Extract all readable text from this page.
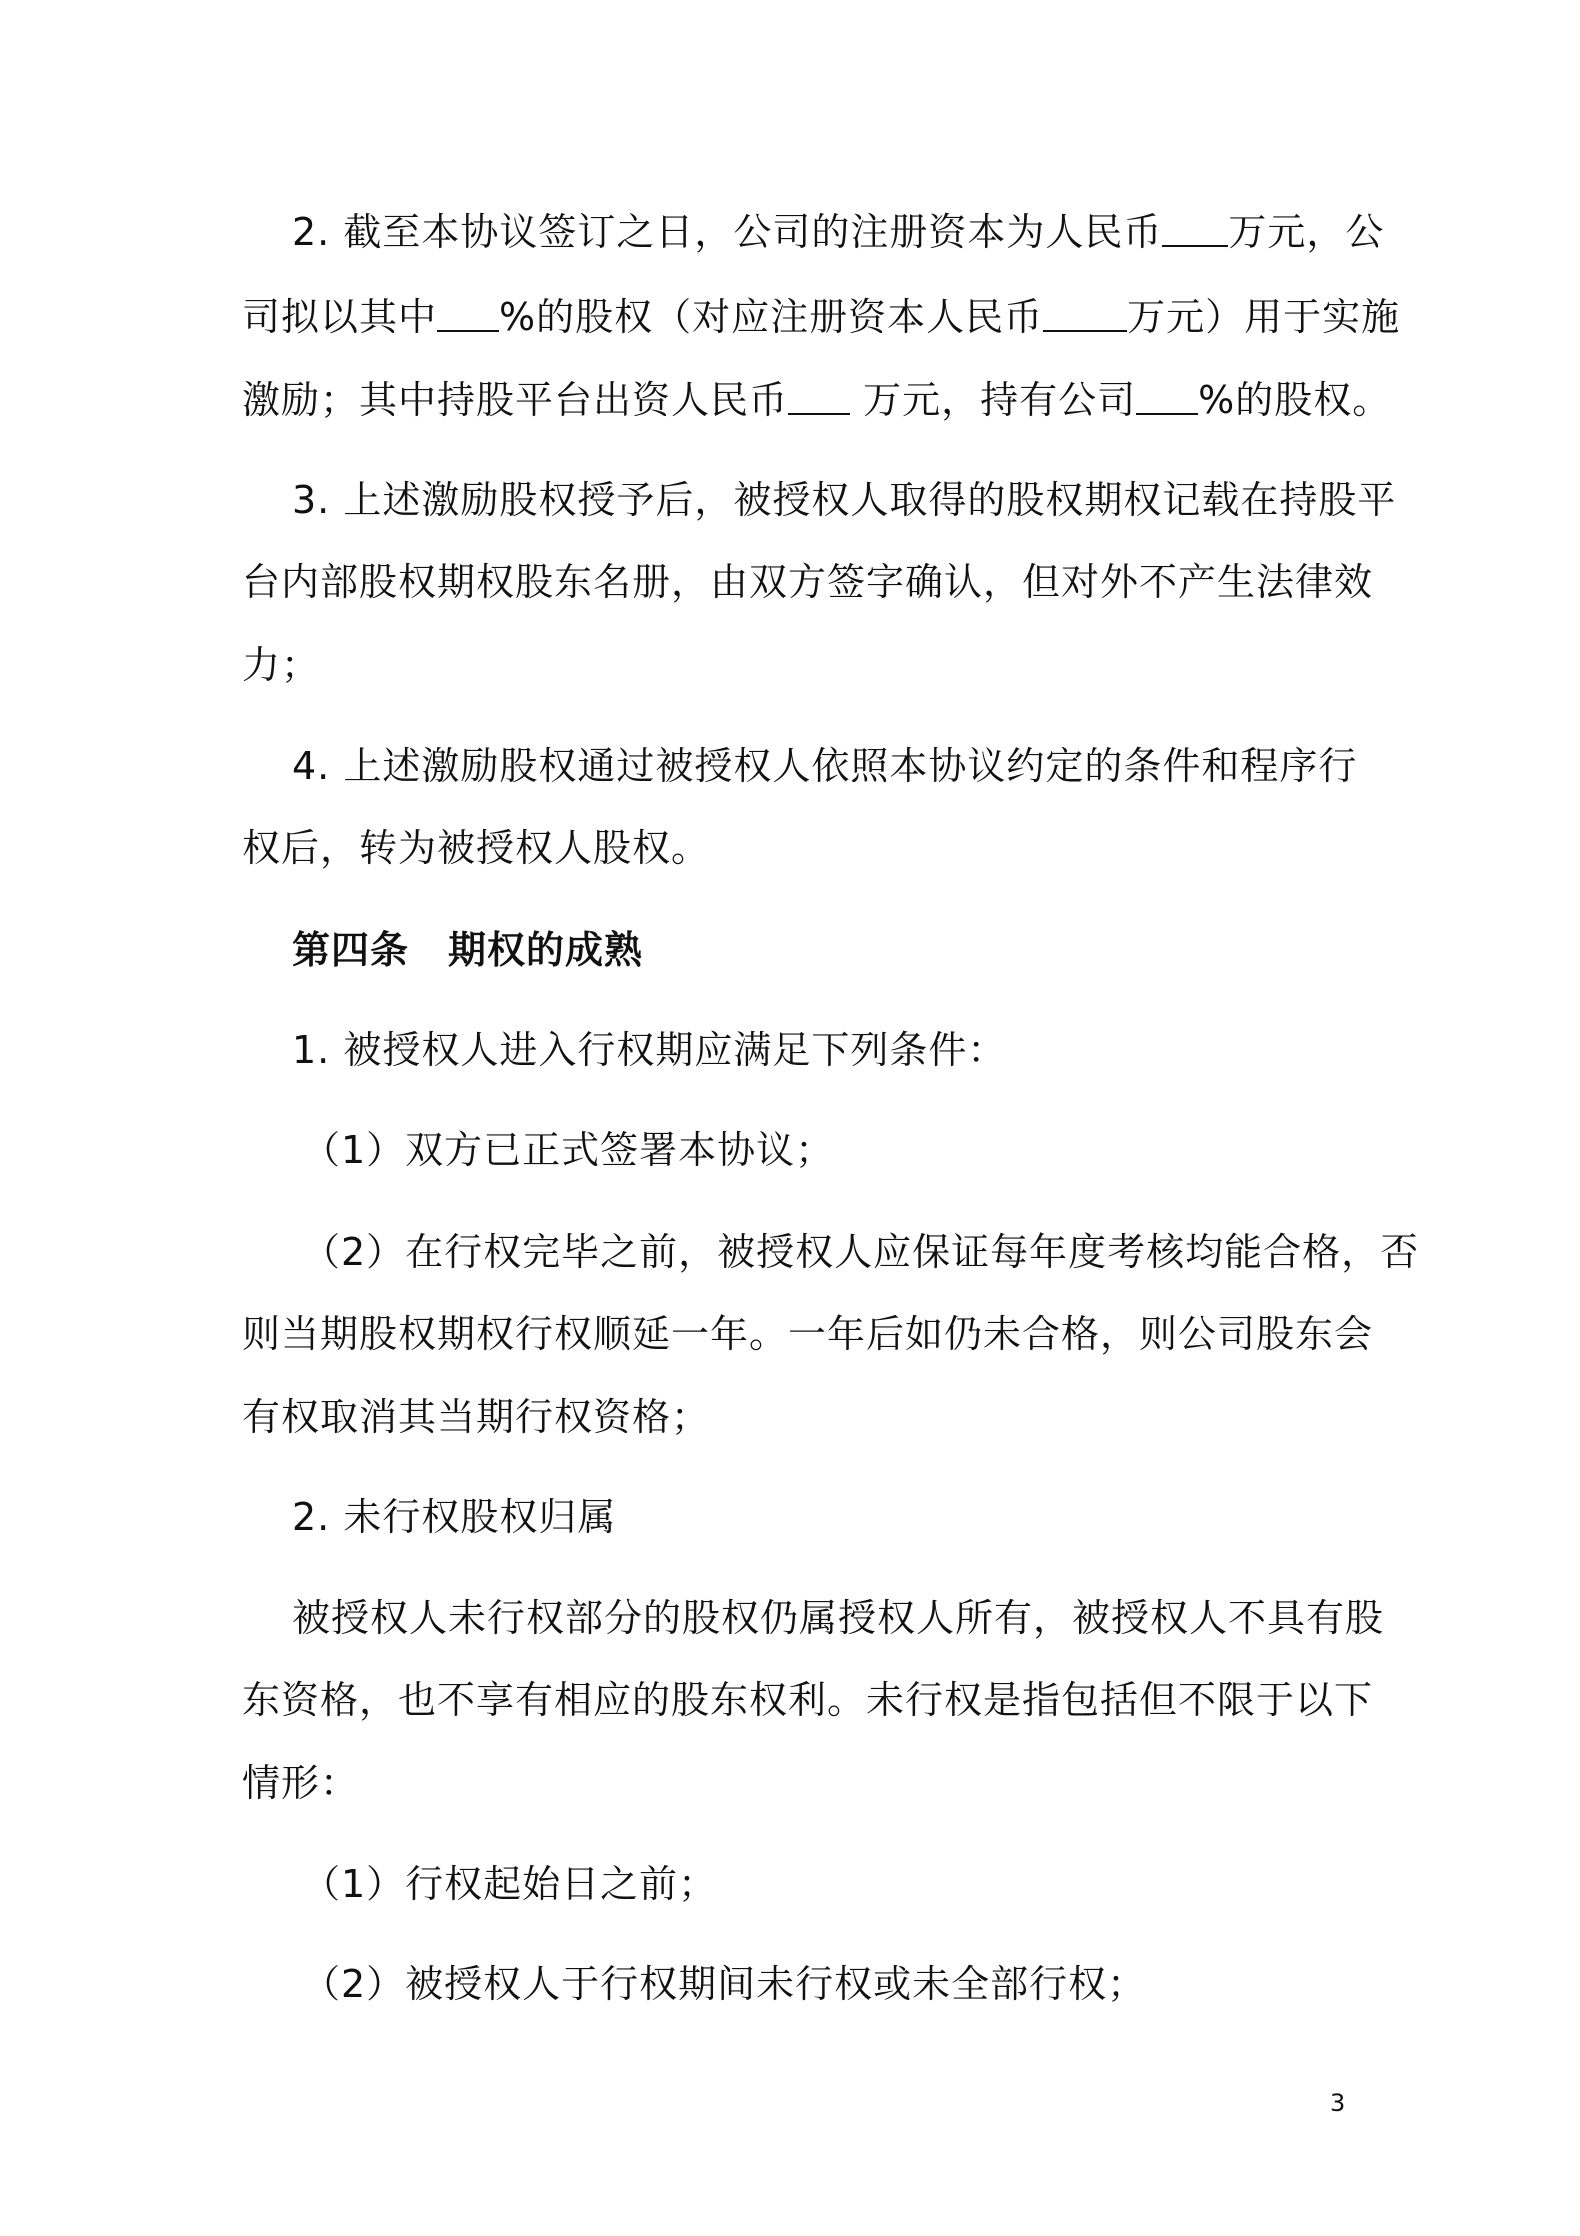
2. 截至本协议签订之日，公司的注册资本为人民币 万元，公
司拟以其中 %的股权（对应注册资本人民币 万元）用于实施
激励；其中持股平台出资人民币 万元，持有公司 %的股权。
3. 上述激励股权授予后，被授权人取得的股权期权记载在持股平
台内部股权期权股东名册，由双方签字确认，但对外不产生法律效
力；
4. 上述激励股权通过被授权人依照本协议约定的条件和程序行
权后，转为被授权人股权。
第四条　期权的成熟
1. 被授权人进入行权期应满足下列条件：
（1）双方已正式签署本协议；
（2）在行权完毕之前，被授权人应保证每年度考核均能合格，否
则当期股权期权行权顺延一年。一年后如仍未合格，则公司股东会
有权取消其当期行权资格；
2. 未行权股权归属
被授权人未行权部分的股权仍属授权人所有，被授权人不具有股
东资格，也不享有相应的股东权利。未行权是指包括但不限于以下
情形：
（1）行权起始日之前；
（2）被授权人于行权期间未行权或未全部行权；
3
